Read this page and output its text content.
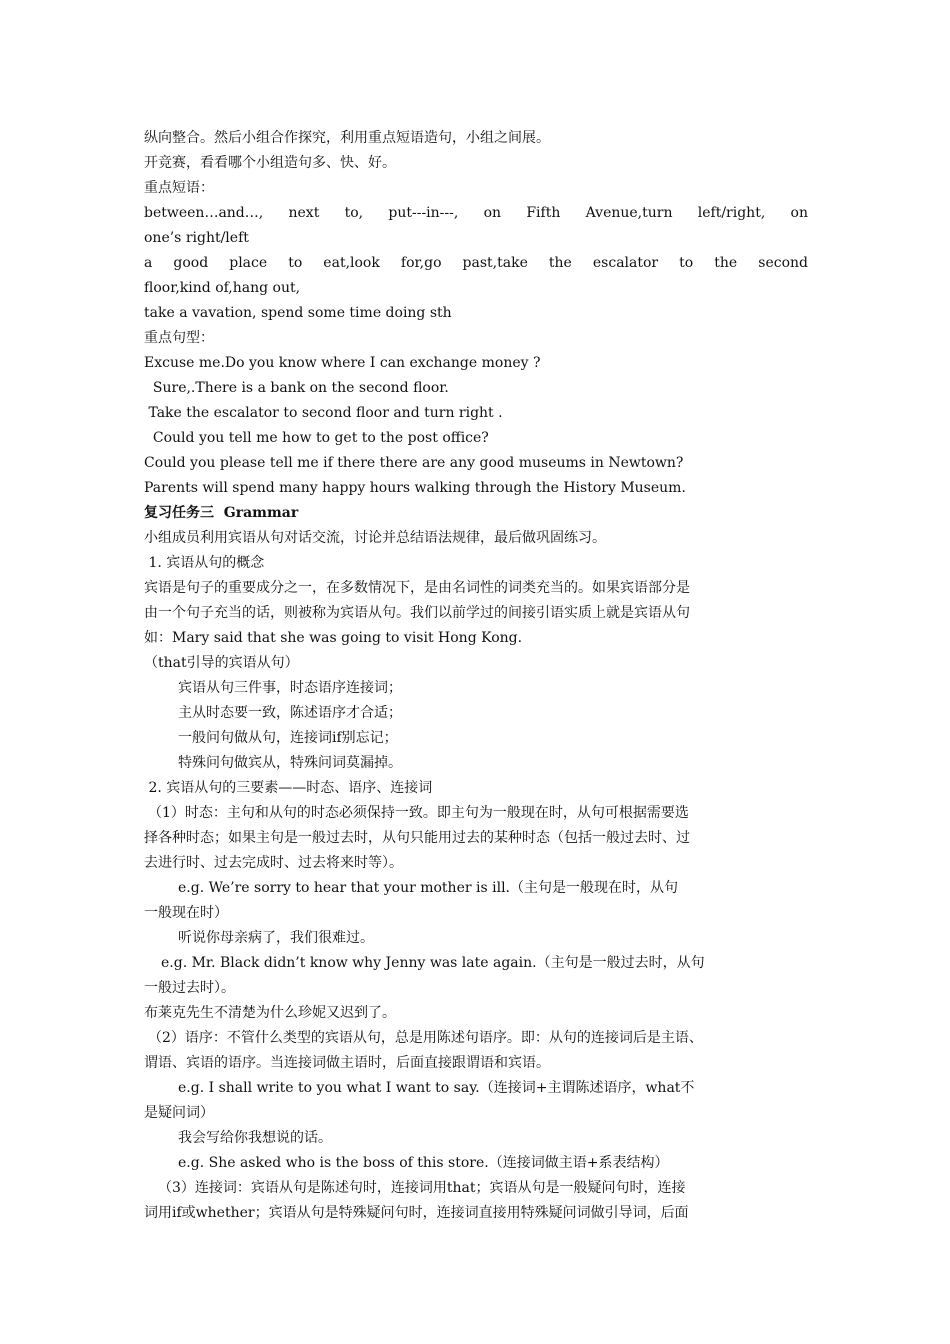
纵向整合。然后小组合作探究，利用重点短语造句，小组之间展。
开竞赛，看看哪个小组造句多、快、好。
重点短语：
between…and…, next to, put---in---, on Fifth Avenue,turn left/right, on
one’s right/left
a good place to eat,look for,go past,take the escalator to the second
floor,kind of,hang out,
take a vavation, spend some time doing sth
重点句型：
Excuse me.Do you know where I can exchange money ?
Sure,.There is a bank on the second floor.
Take the escalator to second floor and turn right .
Could you tell me how to get to the post office?
Could you please tell me if there there are any good museums in Newtown?
Parents will spend many happy hours walking through the History Museum.
复习任务三  Grammar
小组成员利用宾语从句对话交流，讨论并总结语法规律，最后做巩固练习。
1. 宾语从句的概念
宾语是句子的重要成分之一，在多数情况下，是由名词性的词类充当的。如果宾语部分是
由一个句子充当的话，则被称为宾语从句。我们以前学过的间接引语实质上就是宾语从句
如：Mary said that she was going to visit Hong Kong.
（that引导的宾语从句）
宾语从句三件事，时态语序连接词；
主从时态要一致，陈述语序才合适；
一般问句做从句，连接词if别忘记；
特殊问句做宾从，特殊问词莫漏掉。
2. 宾语从句的三要素——时态、语序、连接词
（1）时态：主句和从句的时态必须保持一致。即主句为一般现在时，从句可根据需要选
择各种时态；如果主句是一般过去时，从句只能用过去的某种时态（包括一般过去时、过
去进行时、过去完成时、过去将来时等）。
e.g. We’re sorry to hear that your mother is ill.（主句是一般现在时，从句
一般现在时）
听说你母亲病了，我们很难过。
e.g. Mr. Black didn’t know why Jenny was late again.（主句是一般过去时，从句
一般过去时）。
布莱克先生不清楚为什么珍妮又迟到了。
（2）语序：不管什么类型的宾语从句，总是用陈述句语序。即：从句的连接词后是主语、
谓语、宾语的语序。当连接词做主语时，后面直接跟谓语和宾语。
e.g. I shall write to you what I want to say.（连接词+主谓陈述语序，what不
是疑问词）
我会写给你我想说的话。
e.g. She asked who is the boss of this store.（连接词做主语+系表结构）
（3）连接词：宾语从句是陈述句时，连接词用that；宾语从句是一般疑问句时，连接
词用if或whether；宾语从句是特殊疑问句时，连接词直接用特殊疑问词做引导词，后面
